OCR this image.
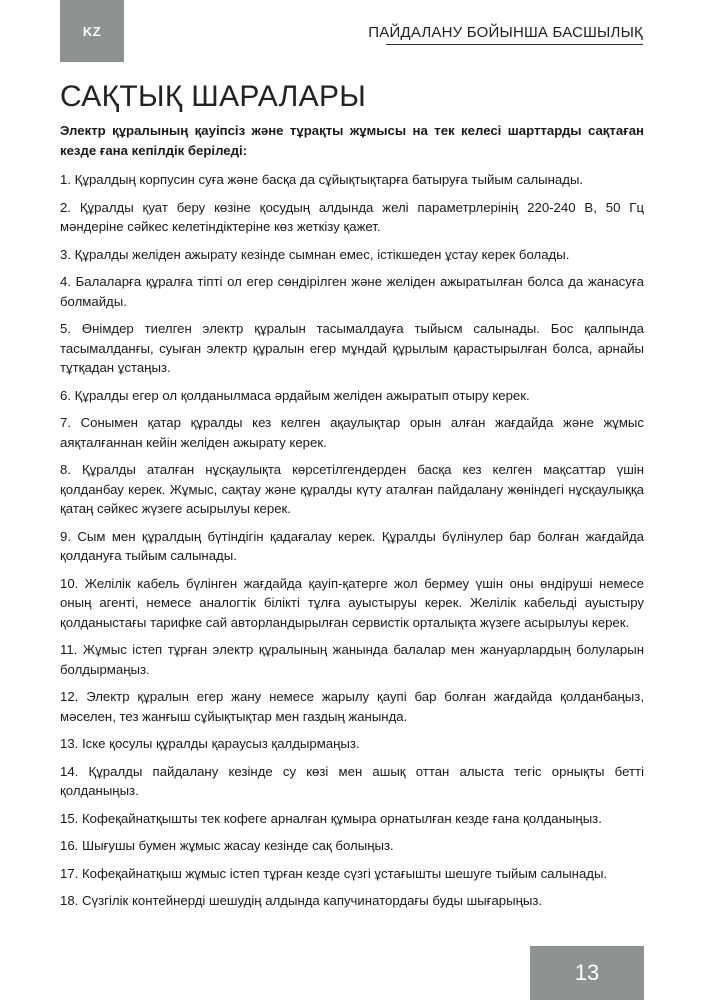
KZ	ПАЙДАЛАНУ БОЙЫНША БАСШЫЛЫҚ
САҚТЫҚ ШАРАЛАРЫ

Электр құралының қауіпсіз және тұрақты жұмысы на тек келесі шарттарды сақтаған кезде ғана кепілдік беріледі:

1. Құралдың корпусин суға және басқа да сұйықтықтарға батыруға тыйым салынады.

2. Құралды қуат беру көзіне қосудың алдында желі параметрлерінің 220-240 В, 50 Гц мәндеріне сәйкес келетіндіктеріне көз жеткізу қажет.

3. Құралды желіден ажырату кезінде сымнан емес, істікшеден ұстау керек болады.

4. Балаларға құралға тіпті ол егер сөндірілген және желіден ажыратылған болса да жанасуға болмайды.

5. Өнімдер тиелген электр құралын тасымалдауға тыйысм салынады. Бос қалпында тасымалданғы, суыған электр құралын егер мұндай құрылым қарастырылған болса, арнайы тұтқадан ұстаңыз.

6. Құралды егер ол қолданылмаса әрдайым желіден ажыратып отыру керек.

7. Сонымен қатар құралды кез келген ақаулықтар орын алған жағдайда және жұмыс аяқталғаннан кейін желіден ажырату керек.

8. Құралды аталған нұсқаулықта көрсетілгендерден басқа кез келген мақсаттар үшін қолданбау керек. Жұмыс, сақтау және құралды күту аталған пайдалану жөніндегі нұсқаулыққа қатаң сәйкес жүзеге асырылуы керек.

9. Сым мен құралдың бүтіндігін қадағалау керек. Құралды бүлінулер бар болған жағдайда қолдануға тыйым салынады.

10. Желілік кабель бүлінген жағдайда қауіп-қатерге жол бермеу үшін оны өндіруші немесе оның агенті, немесе аналогтік білікті тұлға ауыстыруы керек. Желілік кабельді ауыстыру қолданыстағы тарифке сай авторландырылған сервистік орталықта жүзеге асырылуы керек.

11. Жұмыс істеп тұрған электр құралының жанында балалар мен жануарлардың болуларын болдырмаңыз.

12. Электр құралын егер жану немесе жарылу қаупі бар болған жағдайда қолданбаңыз, мәселен, тез жанғыш сұйықтықтар мен газдың жанында.

13. Іске қосулы құралды қараусыз қалдырмаңыз.

14. Құралды пайдалану кезінде су көзі мен ашық оттан алыста тегіс орнықты бетті қолданыңыз.

15. Кофеқайнатқышты тек кофеге арналған құмыра орнатылған кезде ғана қолданыңыз.

16. Шығушы бумен жұмыс жасау кезінде сақ болыңыз.

17. Кофеқайнатқыш жұмыс істеп тұрған кезде сүзгі ұстағышты шешуге тыйым салынады.

18. Сүзгілік контейнерді шешудің алдында капучинатордағы буды шығарыңыз.

13
